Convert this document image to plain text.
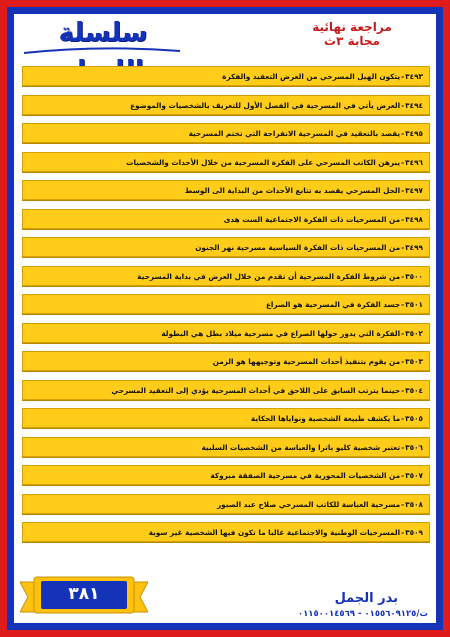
سلسلة	مراجعة نهائية
مجابة ٣ث
٣٤٩٣-يتكون الهيل المسرحي من العرض التعقيد والفكرة
٣٤٩٤-العرض يأتي في المسرحية في الفصل الأول للتعريف بالشخصيات والموضوع
٣٤٩٥-يقصد بالتعقيد في المسرحية الانفراجة التي تختم المسرحية
٣٤٩٦-يبرهن الكاتب المسرحي على الفكرة المسرحية من خلال الأحداث والشخصيات
٣٤٩٧-الحل المسرحي يقصد به تتابع الأحداث من البداية الى الوسط
٣٤٩٨-من المسرحيات ذات الفكرة الاجتماعية الست هدى
٣٤٩٩-من المسرحيات ذات الفكرة السياسية مسرحية نهر الجنون
٣٥٠٠-من شروط الفكرة المسرحية أن تقدم من خلال العرض في بداية المسرحية
٣٥٠١-جسد الفكرة في المسرحية هو الصراع
٣٥٠٢-الفكرة التي يدور حولها الصراع في مسرحية ميلاد بطل هي البطولة
٣٥٠٣-من يقوم بتنفيذ أحداث المسرحية وتوجيهها هو الزمن
٣٥٠٤-حينما يترتب السابق على اللاحق في أحداث المسرحية يؤدي إلى التعقيد المسرحي
٣٥٠٥-ما يكشف طبيعة الشخصية ونواياها الحكاية
٣٥٠٦-تعتبر شخصية كليو باترا والعباسة من الشخصيات السلبية
٣٥٠٧-من الشخصيات المحورية في مسرحية الصفقة مبروكة
٣٥٠٨-مسرحية العباسة للكاتب المسرحي صلاح عبد الصبور
٣٥٠٩-المسرحيات الوطنية والاجتماعية غالبا ما تكون فيها الشخصية غير سوية
٣٨١	بدر الجمل
ت/٠١٥٥٦٠٩١٢٥ - ٠١١٥٠٠١٤٥٦٩
